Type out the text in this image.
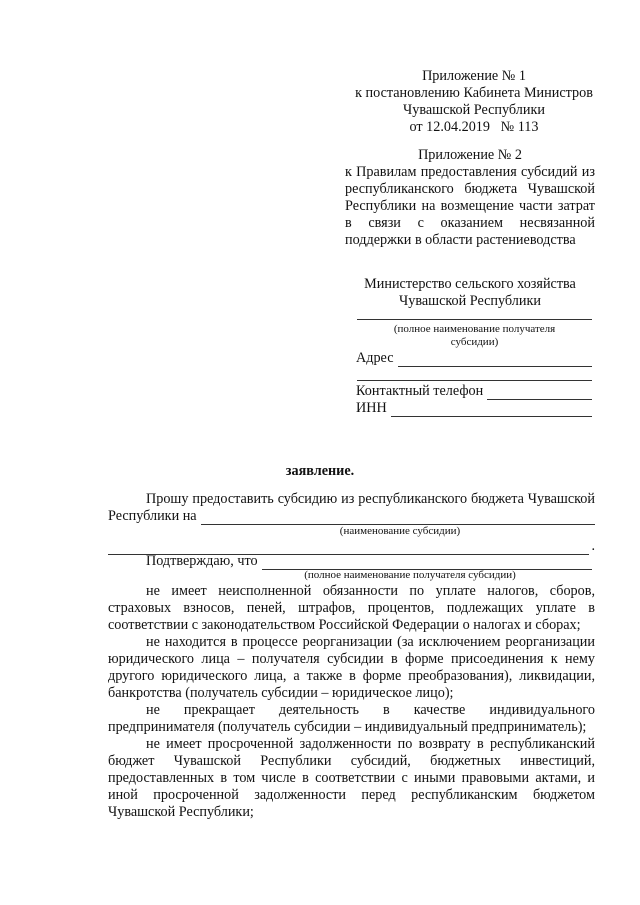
Приложение № 1
к постановлению Кабинета Министров
Чувашской Республики
от 12.04.2019   № 113
Приложение № 2
к Правилам предоставления субсидий из республиканского бюджета Чувашской Республики на возмещение части затрат в связи с оказанием несвязанной поддержки в области растениеводства
Министерство сельского хозяйства
Чувашской Республики
(полное наименование получателя
субсидии)
Адрес
Контактный телефон
ИНН
заявление.

Прошу предоставить субсидию из республиканского бюджета Чувашской

Республики на
(наименование субсидии)
.
Подтверждаю, что
(полное наименование получателя субсидии)

не имеет неисполненной обязанности по уплате налогов, сборов, страховых взносов, пеней, штрафов, процентов, подлежащих уплате в соответствии с законодательством Российской Федерации о налогах и сборах;

не находится в процессе реорганизации (за исключением реорганизации юридического лица – получателя субсидии в форме присоединения к нему другого юридического лица, а также в форме преобразования), ликвидации, банкротства (получатель субсидии – юридическое лицо);

не прекращает деятельность в качестве индивидуального предпринимателя (получатель субсидии – индивидуальный предприниматель);

не имеет просроченной задолженности по возврату в республиканский бюджет Чувашской Республики субсидий, бюджетных инвестиций, предоставленных в том числе в соответствии с иными правовыми актами, и иной просроченной задолженности перед республиканским бюджетом Чувашской Республики;
